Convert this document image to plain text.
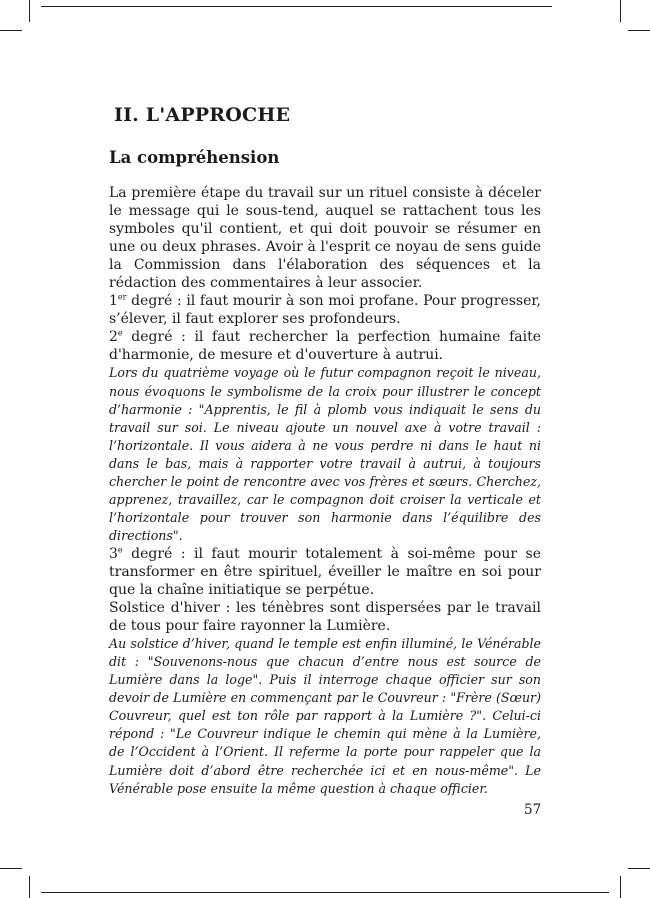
II. L'APPROCHE
La compréhension

La première étape du travail sur un rituel consiste à déceler le message qui le sous-tend, auquel se rattachent tous les symboles qu'il contient, et qui doit pouvoir se résumer en une ou deux phrases. Avoir à l'esprit ce noyau de sens guide la Commission dans l'élaboration des séquences et la rédaction des commentaires à leur associer.

1er degré : il faut mourir à son moi profane. Pour progresser, s’élever, il faut explorer ses profondeurs.

2e degré : il faut rechercher la perfection humaine faite d'harmonie, de mesure et d'ouverture à autrui.

Lors du quatrième voyage où le futur compagnon reçoit le niveau, nous évoquons le symbolisme de la croix pour illustrer le concept d’harmonie : "Apprentis, le fil à plomb vous indiquait le sens du travail sur soi. Le niveau ajoute un nouvel axe à votre travail : l’horizontale. Il vous aidera à ne vous perdre ni dans le haut ni dans le bas, mais à rapporter votre travail à autrui, à toujours chercher le point de rencontre avec vos frères et sœurs. Cherchez, apprenez, travaillez, car le compagnon doit croiser la verticale et l’horizontale pour trouver son harmonie dans l’équilibre des directions".

3e degré : il faut mourir totalement à soi-même pour se transformer en être spirituel, éveiller le maître en soi pour que la chaîne initiatique se perpétue.

Solstice d'hiver : les ténèbres sont dispersées par le travail de tous pour faire rayonner la Lumière.

Au solstice d’hiver, quand le temple est enfin illuminé, le Vénérable dit : "Souvenons-nous que chacun d’entre nous est source de Lumière dans la loge". Puis il interroge chaque officier sur son devoir de Lumière en commençant par le Couvreur : "Frère (Sœur) Couvreur, quel est ton rôle par rapport à la Lumière ?". Celui-ci répond : "Le Couvreur indique le chemin qui mène à la Lumière, de l’Occident à l’Orient. Il referme la porte pour rappeler que la Lumière doit d’abord être recherchée ici et en nous-même". Le Vénérable pose ensuite la même question à chaque officier.

57
